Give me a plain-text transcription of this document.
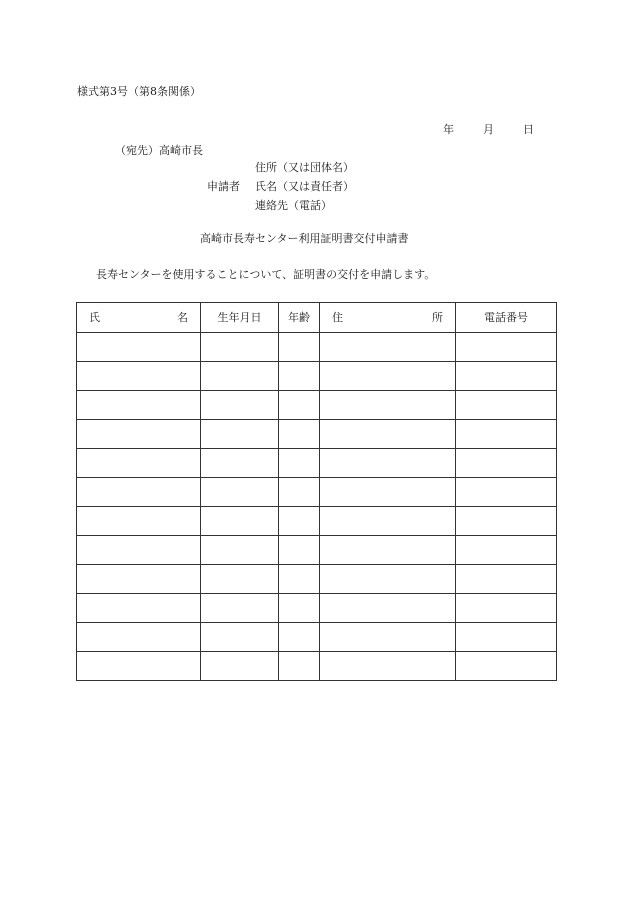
様式第3号（第8条関係）
年	月	日
（宛先）高崎市長
住所（又は団体名）
申請者 氏名（又は責任者）
連絡先（電話）
高崎市長寿センター利用証明書交付申請書
長寿センターを使用することについて、証明書の交付を申請します。
氏 名	生年月日	年齢	住 所	電話番号
